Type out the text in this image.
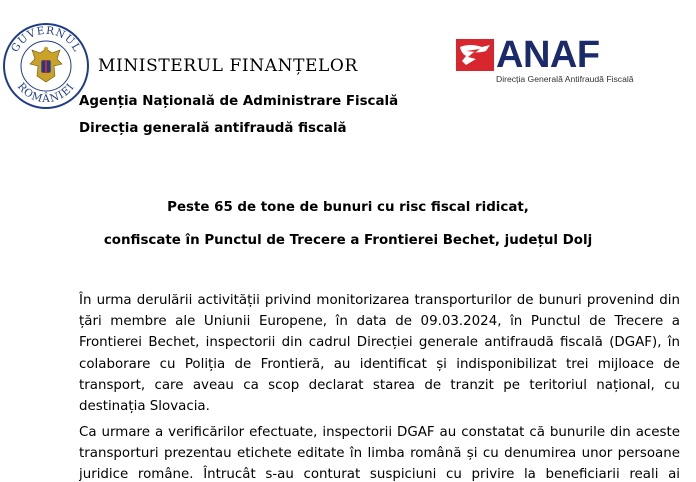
GUVERNUL
ROMÂNIEI
MINISTERUL FINANȚELOR
Agenția Națională de Administrare Fiscală
Direcția generală antifraudă fiscală
ANAF
Direcția Generală Antifraudă Fiscală
Peste 65 de tone de bunuri cu risc fiscal ridicat,
confiscate în Punctul de Trecere a Frontierei Bechet, județul Dolj
În urma derulării activității privind monitorizarea transporturilor de bunuri provenind din
țări membre ale Uniunii Europene, în data de 09.03.2024, în Punctul de Trecere a
Frontierei Bechet, inspectorii din cadrul Direcției generale antifraudă fiscală (DGAF), în
colaborare cu Poliția de Frontieră, au identificat și indisponibilizat trei mijloace de
transport, care aveau ca scop declarat starea de tranzit pe teritoriul național, cu
destinația Slovacia.
Ca urmare a verificărilor efectuate, inspectorii DGAF au constatat că bunurile din aceste
transporturi prezentau etichete editate în limba română și cu denumirea unor persoane
juridice române. Întrucât s-au conturat suspiciuni cu privire la beneficiarii reali ai
